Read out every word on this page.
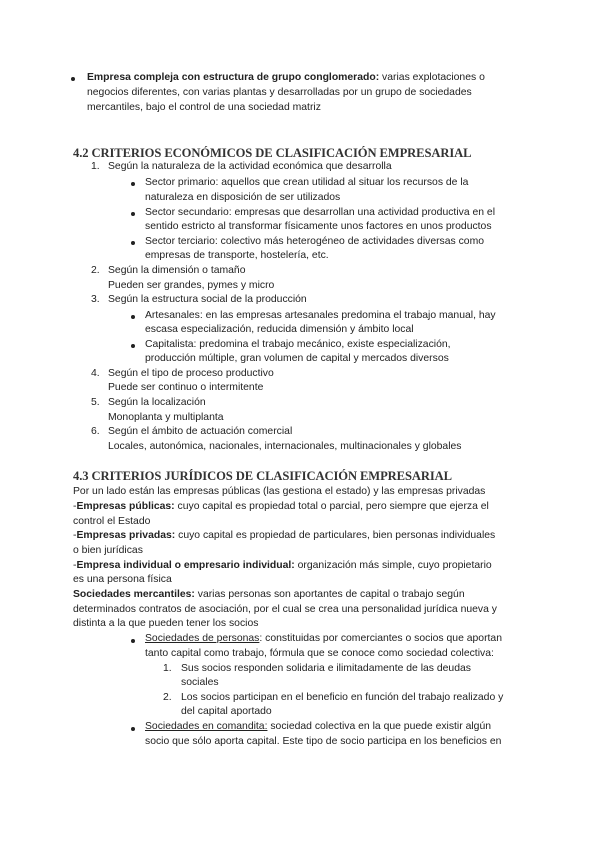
Empresa compleja con estructura de grupo conglomerado: varias explotaciones o
negocios diferentes, con varias plantas y desarrolladas por un grupo de sociedades
mercantiles, bajo el control de una sociedad matriz
4.2 CRITERIOS ECONÓMICOS DE CLASIFICACIÓN EMPRESARIAL
1. Según la naturaleza de la actividad económica que desarrolla
Sector primario: aquellos que crean utilidad al situar los recursos de la
naturaleza en disposición de ser utilizados
Sector secundario: empresas que desarrollan una actividad productiva en el
sentido estricto al transformar físicamente unos factores en unos productos
Sector terciario: colectivo más heterogéneo de actividades diversas como
empresas de transporte, hostelería, etc.
2. Según la dimensión o tamaño
Pueden ser grandes, pymes y micro
3. Según la estructura social de la producción
Artesanales: en las empresas artesanales predomina el trabajo manual, hay
escasa especialización, reducida dimensión y ámbito local
Capitalista: predomina el trabajo mecánico, existe especialización,
producción múltiple, gran volumen de capital y mercados diversos
4. Según el tipo de proceso productivo
Puede ser continuo o intermitente
5. Según la localización
Monoplanta y multiplanta
6. Según el ámbito de actuación comercial
Locales, autonómica, nacionales, internacionales, multinacionales y globales
4.3 CRITERIOS JURÍDICOS DE CLASIFICACIÓN EMPRESARIAL
Por un lado están las empresas públicas (las gestiona el estado) y las empresas privadas
-Empresas públicas: cuyo capital es propiedad total o parcial, pero siempre que ejerza el
control el Estado
-Empresas privadas: cuyo capital es propiedad de particulares, bien personas individuales
o bien jurídicas
-Empresa individual o empresario individual: organización más simple, cuyo propietario
es una persona física
Sociedades mercantiles: varias personas son aportantes de capital o trabajo según
determinados contratos de asociación, por el cual se crea una personalidad jurídica nueva y
distinta a la que pueden tener los socios
Sociedades de personas: constituidas por comerciantes o socios que aportan
tanto capital como trabajo, fórmula que se conoce como sociedad colectiva:
1. Sus socios responden solidaria e ilimitadamente de las deudas
sociales
2. Los socios participan en el beneficio en función del trabajo realizado y
del capital aportado
Sociedades en comandita: sociedad colectiva en la que puede existir algún
socio que sólo aporta capital. Este tipo de socio participa en los beneficios en
